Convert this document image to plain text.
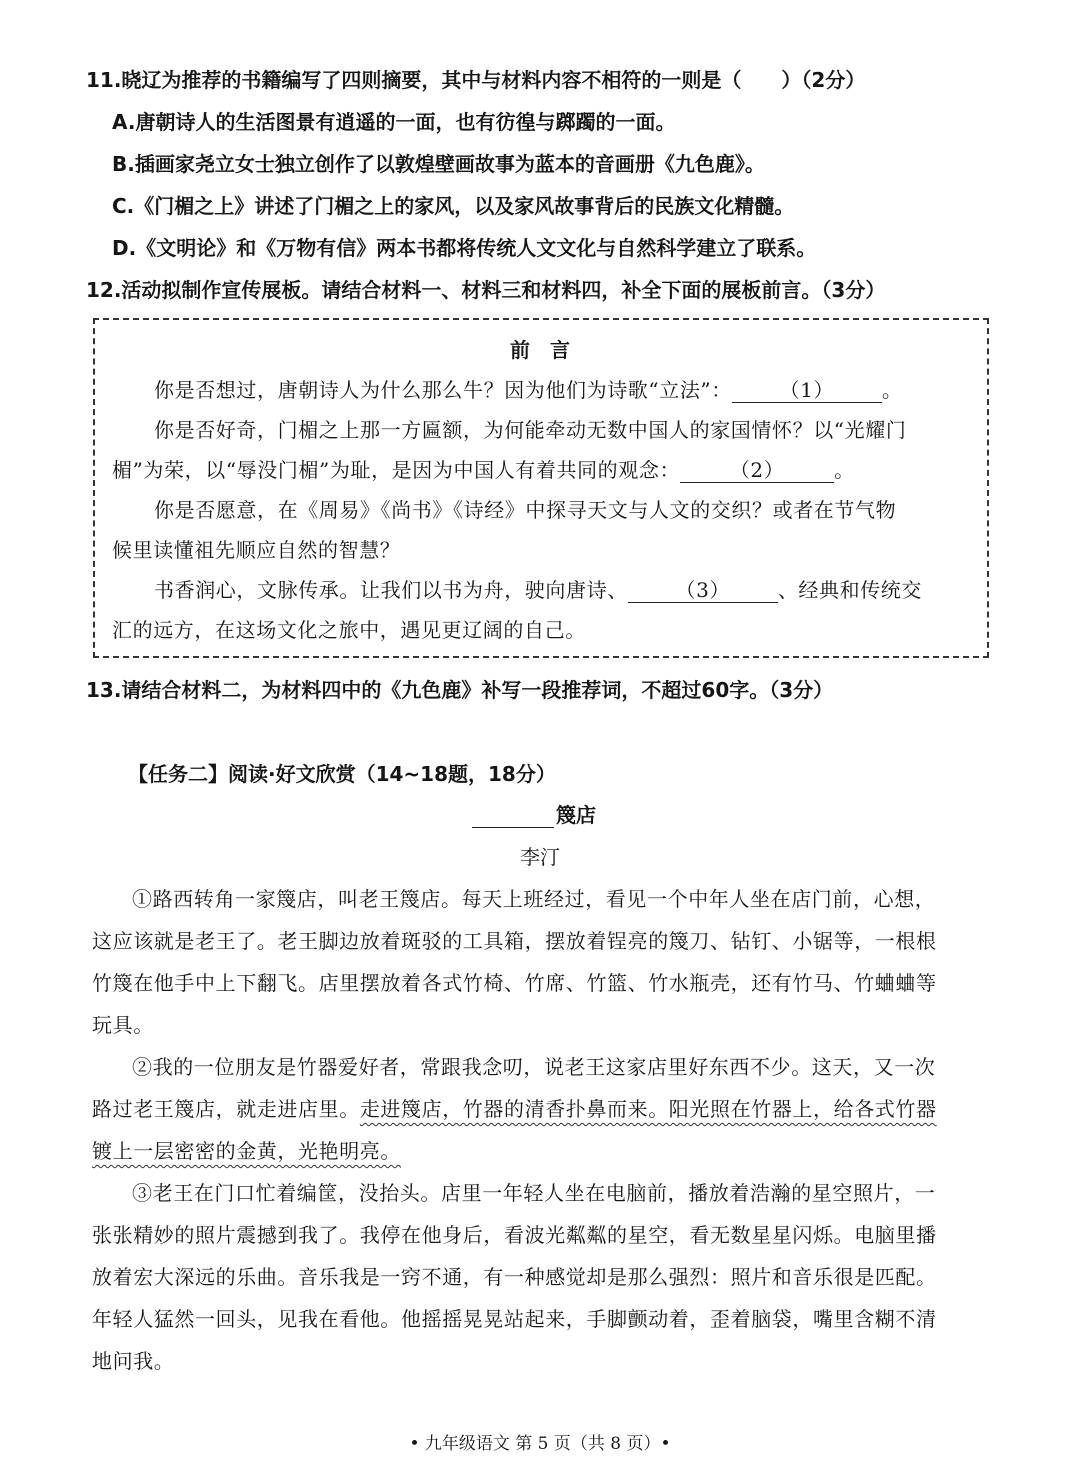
11.晓辽为推荐的书籍编写了四则摘要，其中与材料内容不相符的一则是（　　）（2分）
A.唐朝诗人的生活图景有逍遥的一面，也有彷徨与踯躅的一面。
B.插画家尧立女士独立创作了以敦煌壁画故事为蓝本的音画册《九色鹿》。
C.《门楣之上》讲述了门楣之上的家风，以及家风故事背后的民族文化精髓。
D.《文明论》和《万物有信》两本书都将传统人文文化与自然科学建立了联系。
12.活动拟制作宣传展板。请结合材料一、材料三和材料四，补全下面的展板前言。（3分）
前　言
你是否想过，唐朝诗人为什么那么牛？因为他们为诗歌“立法”： （1） 。
你是否好奇，门楣之上那一方匾额，为何能牵动无数中国人的家国情怀？以“光耀门
楣”为荣，以“辱没门楣”为耻，是因为中国人有着共同的观念： （2） 。
你是否愿意，在《周易》《尚书》《诗经》中探寻天文与人文的交织？或者在节气物
候里读懂祖先顺应自然的智慧？
书香润心，文脉传承。让我们以书为舟，驶向唐诗、 （3） 、经典和传统交
汇的远方，在这场文化之旅中，遇见更辽阔的自己。
13.请结合材料二，为材料四中的《九色鹿》补写一段推荐词，不超过60字。（3分）
【任务二】阅读·好文欣赏（14~18题，18分）
篾店
李汀
①路西转角一家篾店，叫老王篾店。每天上班经过，看见一个中年人坐在店门前，心想，
这应该就是老王了。老王脚边放着斑驳的工具箱，摆放着锃亮的篾刀、钻钉、小锯等，一根根
竹篾在他手中上下翻飞。店里摆放着各式竹椅、竹席、竹篮、竹水瓶壳，还有竹马、竹蛐蛐等
玩具。
②我的一位朋友是竹器爱好者，常跟我念叨，说老王这家店里好东西不少。这天，又一次
路过老王篾店，就走进店里。走进篾店，竹器的清香扑鼻而来。阳光照在竹器上，给各式竹器
镀上一层密密的金黄，光艳明亮。
③老王在门口忙着编筐，没抬头。店里一年轻人坐在电脑前，播放着浩瀚的星空照片，一
张张精妙的照片震撼到我了。我停在他身后，看波光粼粼的星空，看无数星星闪烁。电脑里播
放着宏大深远的乐曲。音乐我是一窍不通，有一种感觉却是那么强烈：照片和音乐很是匹配。
年轻人猛然一回头，见我在看他。他摇摇晃晃站起来，手脚颤动着，歪着脑袋，嘴里含糊不清
地问我。
• 九年级语文 第 5 页（共 8 页）•
